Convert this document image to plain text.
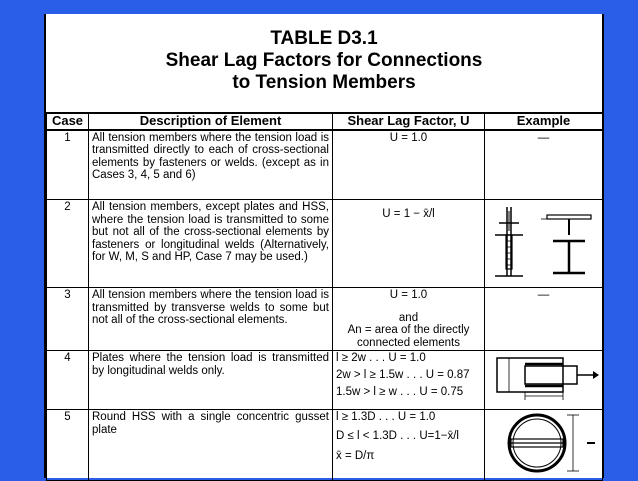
TABLE D3.1
Shear Lag Factors for Connections
to Tension Members
Case	Description of Element	Shear Lag Factor, U	Example
1	All tension members where the tension load is transmitted directly to each of cross-sectional elements by fasteners or welds. (except as in Cases 3, 4, 5 and 6)	U = 1.0	—
2	All tension members, except plates and HSS, where the tension load is transmitted to some but not all of the cross-sectional elements by fasteners or longitudinal welds (Alternatively, for W, M, S and HP, Case 7 may be used.)	U = 1 − x̄/l

3	All tension members where the tension load is transmitted by transverse welds to some but not all of the cross-sectional elements.	U = 1.0
and
An = area of the directly
connected elements	—
4	Plates where the tension load is transmitted by longitudinal welds only.	l ≥ 2w . . . U = 1.0
2w > l ≥ 1.5w . . . U = 0.87
1.5w > l ≥ w . . . U = 0.75

5	Round HSS with a single concentric gusset plate	l ≥ 1.3D . . . U = 1.0
D ≤ l < 1.3D . . . U=1−x̄/l
x̄ = D/π
